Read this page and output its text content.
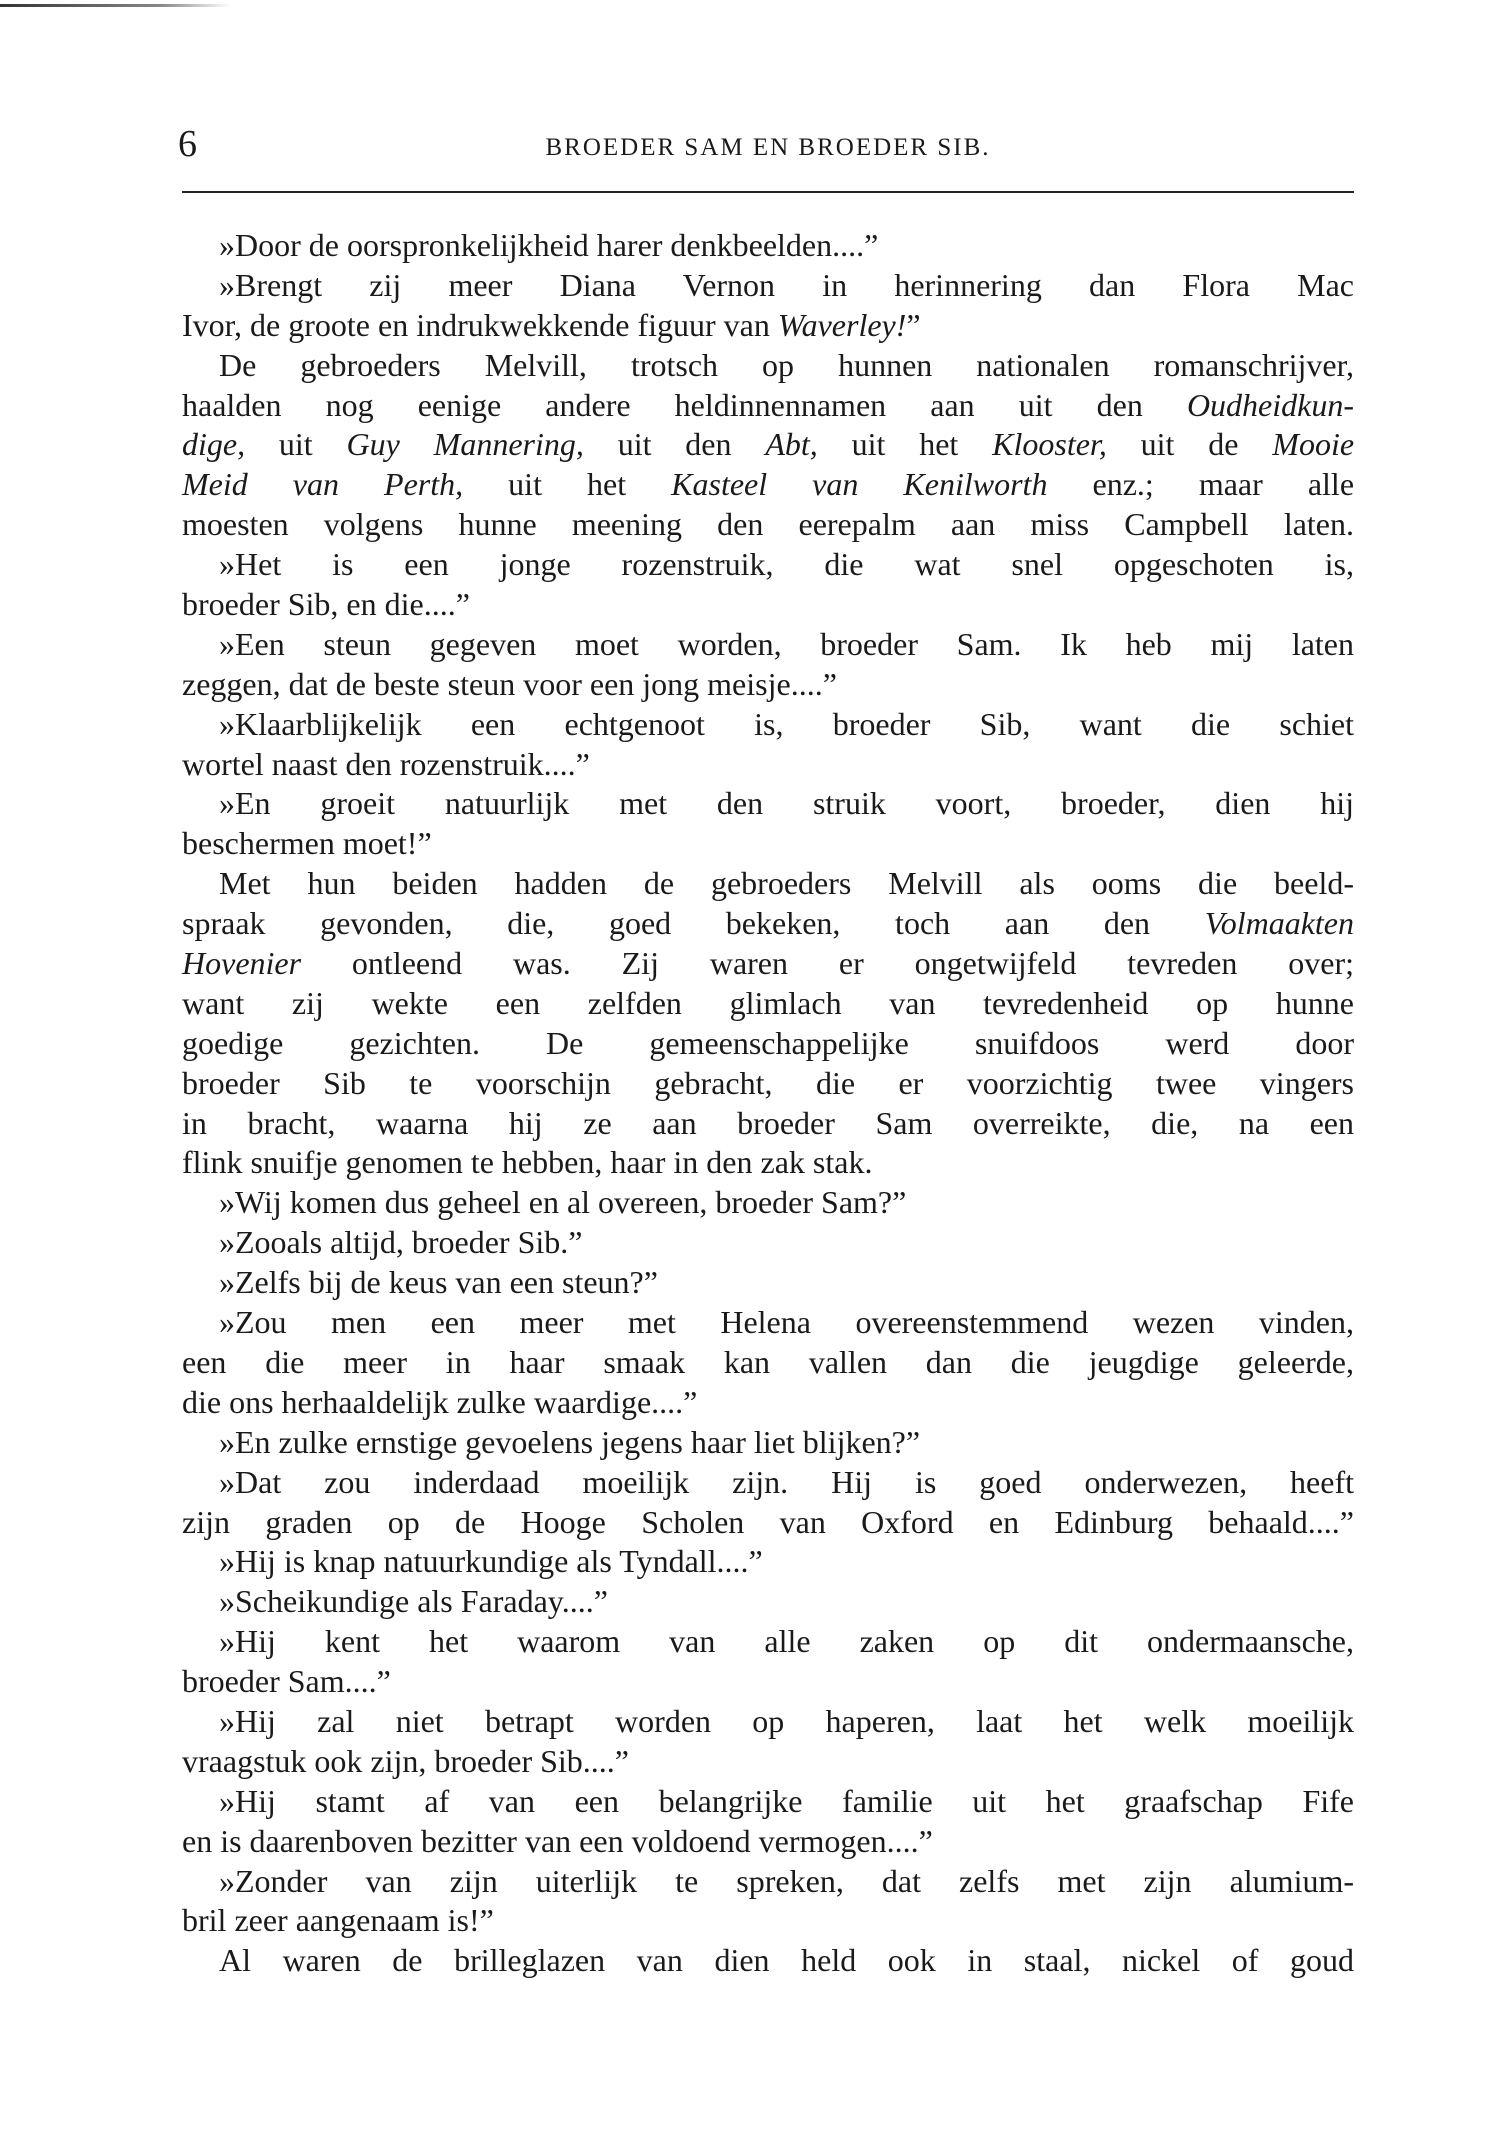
6	BROEDER SAM EN BROEDER SIB.
»Door de oorspronkelijkheid harer denkbeelden....”
»Brengt zij meer Diana Vernon in herinnering dan Flora Mac
Ivor, de groote en indrukwekkende figuur van Waverley!”
De gebroeders Melvill, trotsch op hunnen nationalen romanschrijver,
haalden nog eenige andere heldinnennamen aan uit den Oudheidkun-
dige, uit Guy Mannering, uit den Abt, uit het Klooster, uit de Mooie
Meid van Perth, uit het Kasteel van Kenilworth enz.; maar alle
moesten volgens hunne meening den eerepalm aan miss Campbell laten.
»Het is een jonge rozenstruik, die wat snel opgeschoten is,
broeder Sib, en die....”
»Een steun gegeven moet worden, broeder Sam. Ik heb mij laten
zeggen, dat de beste steun voor een jong meisje....”
»Klaarblijkelijk een echtgenoot is, broeder Sib, want die schiet
wortel naast den rozenstruik....”
»En groeit natuurlijk met den struik voort, broeder, dien hij
beschermen moet!”
Met hun beiden hadden de gebroeders Melvill als ooms die beeld-
spraak gevonden, die, goed bekeken, toch aan den Volmaakten
Hovenier ontleend was. Zij waren er ongetwijfeld tevreden over;
want zij wekte een zelfden glimlach van tevredenheid op hunne
goedige gezichten. De gemeenschappelijke snuifdoos werd door
broeder Sib te voorschijn gebracht, die er voorzichtig twee vingers
in bracht, waarna hij ze aan broeder Sam overreikte, die, na een
flink snuifje genomen te hebben, haar in den zak stak.
»Wij komen dus geheel en al overeen, broeder Sam?”
»Zooals altijd, broeder Sib.”
»Zelfs bij de keus van een steun?”
»Zou men een meer met Helena overeenstemmend wezen vinden,
een die meer in haar smaak kan vallen dan die jeugdige geleerde,
die ons herhaaldelijk zulke waardige....”
»En zulke ernstige gevoelens jegens haar liet blijken?”
»Dat zou inderdaad moeilijk zijn. Hij is goed onderwezen, heeft
zijn graden op de Hooge Scholen van Oxford en Edinburg behaald....”
»Hij is knap natuurkundige als Tyndall....”
»Scheikundige als Faraday....”
»Hij kent het waarom van alle zaken op dit ondermaansche,
broeder Sam....”
»Hij zal niet betrapt worden op haperen, laat het welk moeilijk
vraagstuk ook zijn, broeder Sib....”
»Hij stamt af van een belangrijke familie uit het graafschap Fife
en is daarenboven bezitter van een voldoend vermogen....”
»Zonder van zijn uiterlijk te spreken, dat zelfs met zijn alumium-
bril zeer aangenaam is!”
Al waren de brilleglazen van dien held ook in staal, nickel of goud
